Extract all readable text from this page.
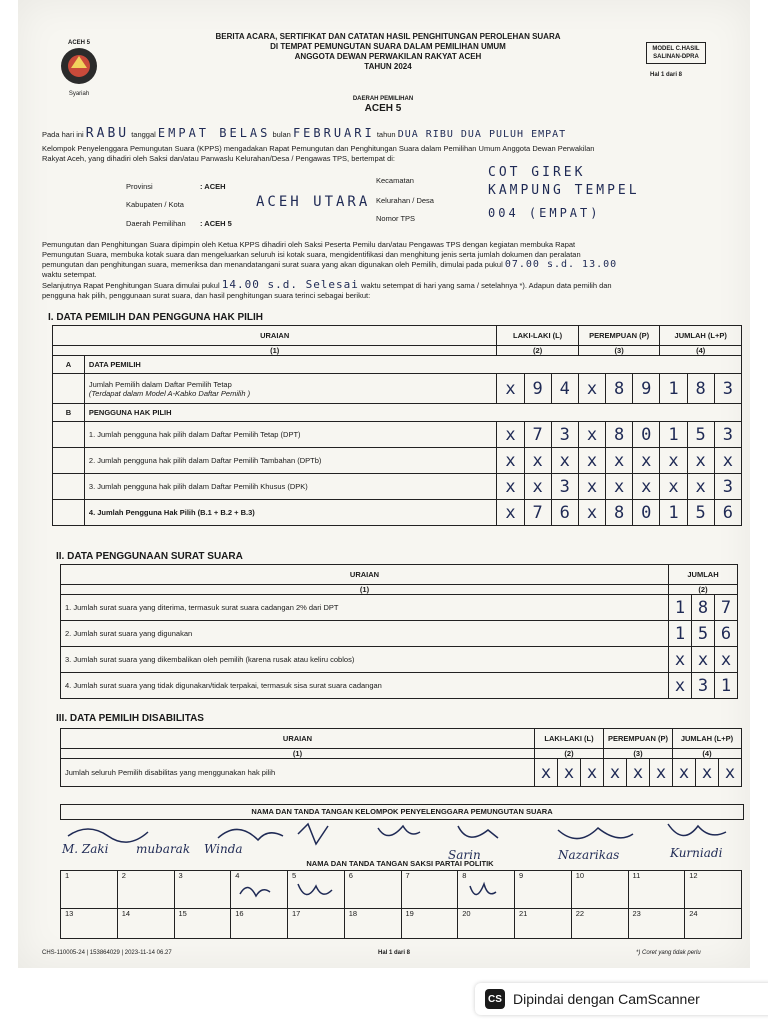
ACEH 5
Syariah
BERITA ACARA, SERTIFIKAT DAN CATATAN HASIL PENGHITUNGAN PEROLEHAN SUARA
DI TEMPAT PEMUNGUTAN SUARA DALAM PEMILIHAN UMUM
ANGGOTA DEWAN PERWAKILAN RAKYAT ACEH
TAHUN 2024
MODEL C.HASIL SALINAN-DPRA
Hal 1 dari 8
DAERAH PEMILIHAN
ACEH 5
Pada hari ini RABU tanggal EMPAT BELAS bulan FEBRUARI tahun DUA RIBU DUA PULUH EMPAT
Kelompok Penyelenggara Pemungutan Suara (KPPS) mengadakan Rapat Pemungutan dan Penghitungan Suara dalam Pemilihan Umum Anggota Dewan Perwakilan
Rakyat Aceh, yang dihadiri oleh Saksi dan/atau Panwaslu Kelurahan/Desa / Pengawas TPS, bertempat di:
Provinsi	: ACEH
Kabupaten / Kota	ACEH UTARA
Daerah Pemilihan : ACEH 5
Kecamatan
COT GIREK
Kelurahan / Desa
KAMPUNG TEMPEL
Nomor TPS	004 (EMPAT)
Pemungutan dan Penghitungan Suara dipimpin oleh Ketua KPPS dihadiri oleh Saksi Peserta Pemilu dan/atau Pengawas TPS dengan kegiatan membuka Rapat
Pemungutan Suara, membuka kotak suara dan mengeluarkan seluruh isi kotak suara, mengidentifikasi dan menghitung jenis serta jumlah dokumen dan peralatan
pemungutan dan penghitungan suara, memeriksa dan menandatangani surat suara yang akan digunakan oleh Pemilih, dimulai pada pukul 07.00 s.d. 13.00
waktu setempat.
Selanjutnya Rapat Penghitungan Suara dimulai pukul 14.00 s.d. Selesai waktu setempat di hari yang sama / setelahnya *). Adapun data pemilih dan
pengguna hak pilih, penggunaan surat suara, dan hasil penghitungan suara terinci sebagai berikut:
I. DATA PEMILIH DAN PENGGUNA HAK PILIH
URAIAN		LAKI-LAKI (L)			PEREMPUAN (P)			JUMLAH (L+P)		
(1)		(2)			(3)			(4)		
A	DATA PEMILIH									

	Jumlah Pemilih dalam Daftar Pemilih Tetap
(Terdapat dalam Model A-Kabko Daftar Pemilih )	x	9	4	x	8	9	1	8	3
B	PENGGUNA HAK PILIH									
	1. Jumlah pengguna hak pilih dalam Daftar Pemilih Tetap (DPT)	x	7	3	x	8	0	1	5	3
	2. Jumlah pengguna hak pilih dalam Daftar Pemilih Tambahan (DPTb)	x	x	x	x	x	x	x	x	x
	3. Jumlah pengguna hak pilih dalam Daftar Pemilih Khusus (DPK)	x	x	3	x	x	x	x	x	3
	4. Jumlah Pengguna Hak Pilih (B.1 + B.2 + B.3)	x	7	6	x	8	0	1	5	6
II. DATA PENGGUNAAN SURAT SUARA
URAIAN	JUMLAH		
(1)	(2)		
1. Jumlah surat suara yang diterima, termasuk surat suara cadangan 2% dari DPT	1	8	7
2. Jumlah surat suara yang digunakan	1	5	6
3. Jumlah surat suara yang dikembalikan oleh pemilih (karena rusak atau keliru coblos)	x	x	x
4. Jumlah surat suara yang tidak digunakan/tidak terpakai, termasuk sisa surat suara cadangan	x	3	1
III. DATA PEMILIH DISABILITAS
URAIAN	LAKI-LAKI (L)			PEREMPUAN (P)			JUMLAH (L+P)		
(1)	(2)			(3)			(4)		
Jumlah seluruh Pemilih disabilitas yang menggunakan hak pilih	x	x	x	x	x	x	x	x	x
NAMA DAN TANDA TANGAN KELOMPOK PENYELENGGARA PEMUNGUTAN SUARA
M. Zaki mubarak Winda	Sarin	Nazarikas	Kurniadi
NAMA DAN TANDA TANGAN SAKSI PARTAI POLITIK
1	2	3	4	5	6	7	8	9	10	11	12
13	14	15	16	17	18	19	20	21	22	23	24
CHS-110005-24 | 153864029 | 2023-11-14 06.27	Hal 1 dari 8	*) Coret yang tidak perlu
CS Dipindai dengan CamScanner
